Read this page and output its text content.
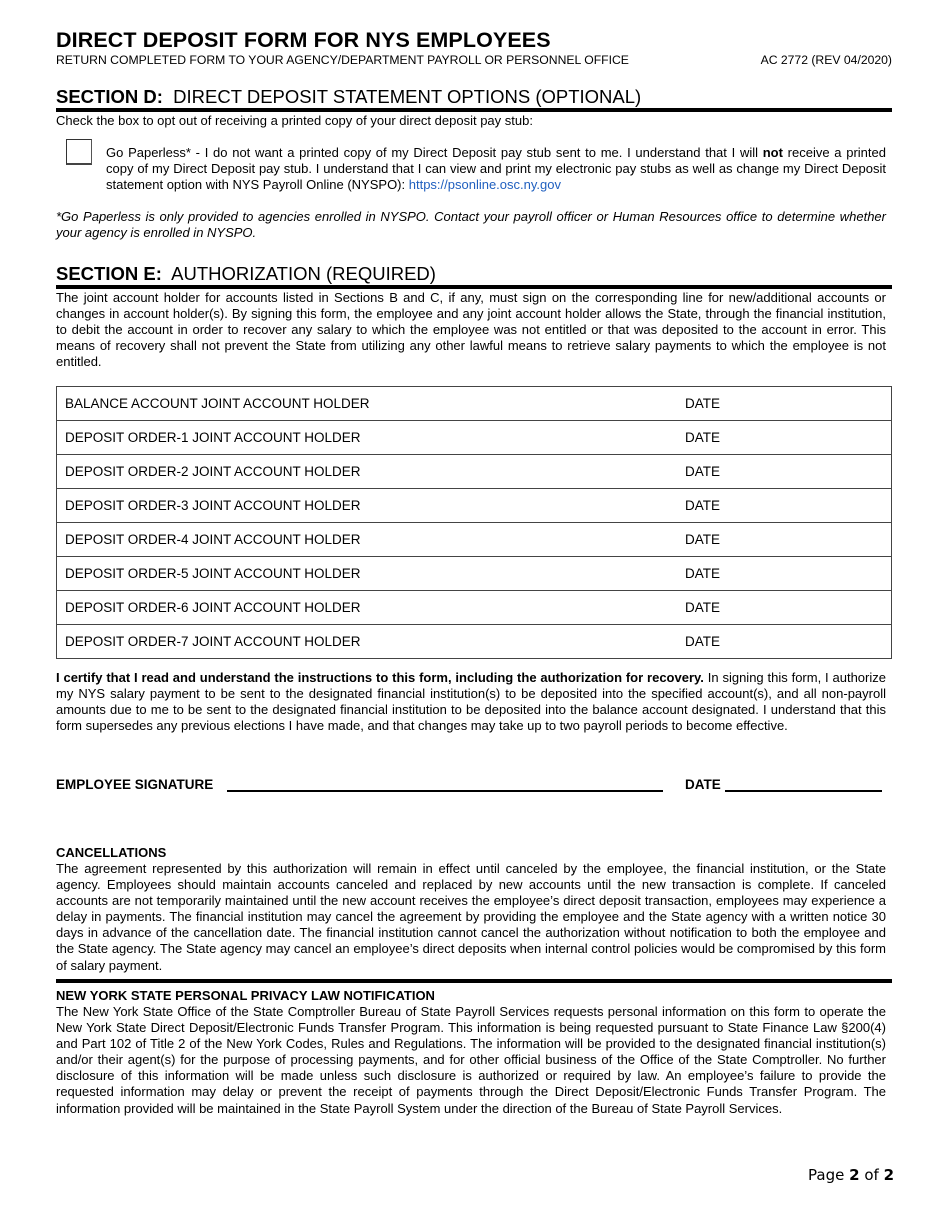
DIRECT DEPOSIT FORM FOR NYS EMPLOYEES
RETURN COMPLETED FORM TO YOUR AGENCY/DEPARTMENT PAYROLL OR PERSONNEL OFFICE	AC 2772 (REV 04/2020)
SECTION D: DIRECT DEPOSIT STATEMENT OPTIONS (OPTIONAL)
Check the box to opt out of receiving a printed copy of your direct deposit pay stub:
Go Paperless* - I do not want a printed copy of my Direct Deposit pay stub sent to me. I understand that I will not receive a printed copy of my Direct Deposit pay stub. I understand that I can view and print my electronic pay stubs as well as change my Direct Deposit statement option with NYS Payroll Online (NYSPO): https://psonline.osc.ny.gov
*Go Paperless is only provided to agencies enrolled in NYSPO. Contact your payroll officer or Human Resources office to determine whether your agency is enrolled in NYSPO.
SECTION E: AUTHORIZATION (REQUIRED)
The joint account holder for accounts listed in Sections B and C, if any, must sign on the corresponding line for new/additional accounts or changes in account holder(s). By signing this form, the employee and any joint account holder allows the State, through the financial institution, to debit the account in order to recover any salary to which the employee was not entitled or that was deposited to the account in error. This means of recovery shall not prevent the State from utilizing any other lawful means to retrieve salary payments to which the employee is not entitled.
BALANCE ACCOUNT JOINT ACCOUNT HOLDER	DATE
DEPOSIT ORDER-1 JOINT ACCOUNT HOLDER	DATE
DEPOSIT ORDER-2 JOINT ACCOUNT HOLDER	DATE
DEPOSIT ORDER-3 JOINT ACCOUNT HOLDER	DATE
DEPOSIT ORDER-4 JOINT ACCOUNT HOLDER	DATE
DEPOSIT ORDER-5 JOINT ACCOUNT HOLDER	DATE
DEPOSIT ORDER-6 JOINT ACCOUNT HOLDER	DATE
DEPOSIT ORDER-7 JOINT ACCOUNT HOLDER	DATE
I certify that I read and understand the instructions to this form, including the authorization for recovery. In signing this form, I authorize my NYS salary payment to be sent to the designated financial institution(s) to be deposited into the specified account(s), and all non-payroll amounts due to me to be sent to the designated financial institution to be deposited into the balance account designated. I understand that this form supersedes any previous elections I have made, and that changes may take up to two payroll periods to become effective.
EMPLOYEE SIGNATURE	DATE
CANCELLATIONS
The agreement represented by this authorization will remain in effect until canceled by the employee, the financial institution, or the State agency. Employees should maintain accounts canceled and replaced by new accounts until the new transaction is complete. If canceled accounts are not temporarily maintained until the new account receives the employee’s direct deposit transaction, employees may experience a delay in payments. The financial institution may cancel the agreement by providing the employee and the State agency with a written notice 30 days in advance of the cancellation date. The financial institution cannot cancel the authorization without notification to both the employee and the State agency. The State agency may cancel an employee’s direct deposits when internal control policies would be compromised by this form of salary payment.
NEW YORK STATE PERSONAL PRIVACY LAW NOTIFICATION
The New York State Office of the State Comptroller Bureau of State Payroll Services requests personal information on this form to operate the New York State Direct Deposit/Electronic Funds Transfer Program. This information is being requested pursuant to State Finance Law §200(4) and Part 102 of Title 2 of the New York Codes, Rules and Regulations. The information will be provided to the designated financial institution(s) and/or their agent(s) for the purpose of processing payments, and for other official business of the Office of the State Comptroller. No further disclosure of this information will be made unless such disclosure is authorized or required by law. An employee’s failure to provide the requested information may delay or prevent the receipt of payments through the Direct Deposit/Electronic Funds Transfer Program. The information provided will be maintained in the State Payroll System under the direction of the Bureau of State Payroll Services.
Page 2 of 2
